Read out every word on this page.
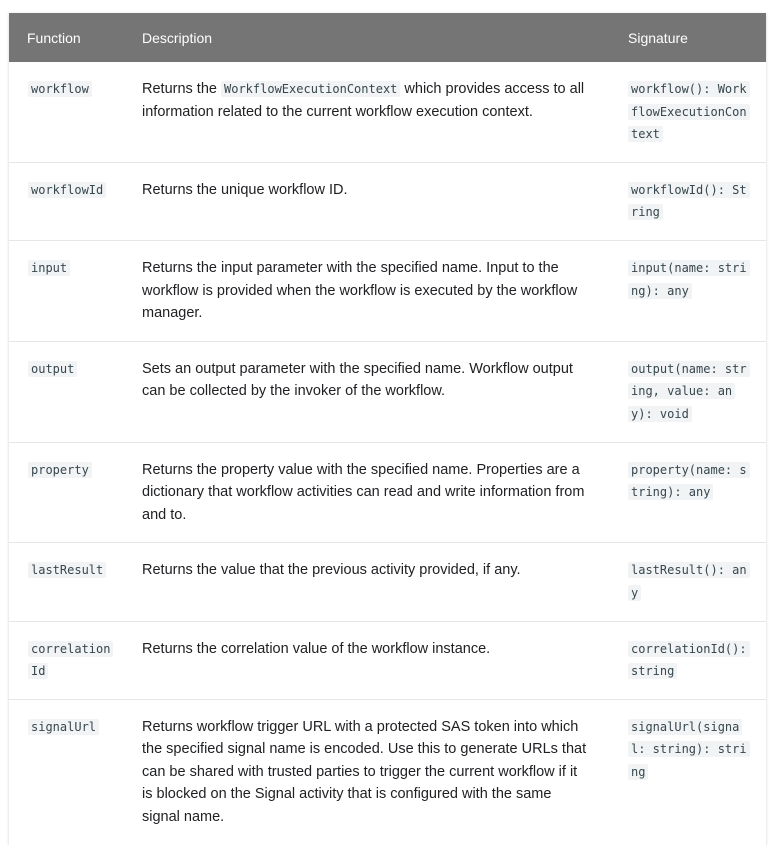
Function	Description	Signature
workflow	Returns the WorkflowExecutionContext which provides access to all information related to the current workflow execution context.	workflow(): WorkflowExecutionContext
workflowId	Returns the unique workflow ID.	workflowId(): String
input	Returns the input parameter with the specified name. Input to the workflow is provided when the workflow is executed by the workflow manager.	input(name: string): any
output	Sets an output parameter with the specified name. Workflow output can be collected by the invoker of the workflow.	output(name: string, value: any): void
property	Returns the property value with the specified name. Properties are a dictionary that workflow activities can read and write information from and to.	property(name: string): any
lastResult	Returns the value that the previous activity provided, if any.	lastResult(): any
correlationId	Returns the correlation value of the workflow instance.	correlationId(): string
signalUrl	Returns workflow trigger URL with a protected SAS token into which the specified signal name is encoded. Use this to generate URLs that can be shared with trusted parties to trigger the current workflow if it is blocked on the Signal activity that is configured with the same signal name.	signalUrl(signal: string): string
